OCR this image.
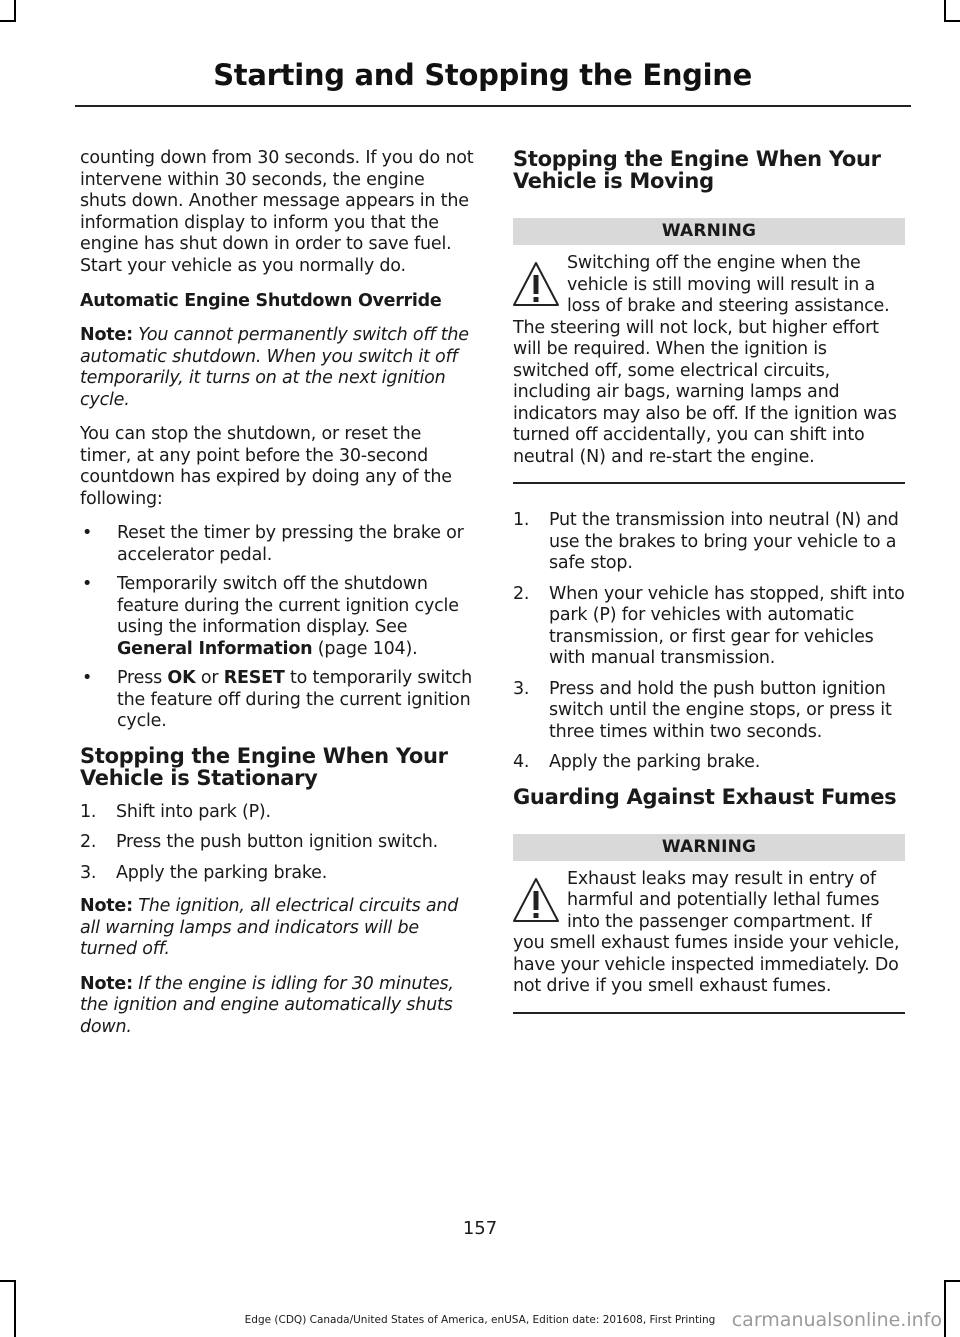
Starting and Stopping the Engine

counting down from 30 seconds. If you do not intervene within 30 seconds, the engine shuts down. Another message appears in the information display to inform you that the engine has shut down in order to save fuel. Start your vehicle as you normally do.

Automatic Engine Shutdown Override

Note: You cannot permanently switch off the automatic shutdown. When you switch it off temporarily, it turns on at the next ignition cycle.

You can stop the shutdown, or reset the timer, at any point before the 30-second countdown has expired by doing any of the following:

• Reset the timer by pressing the brake or accelerator pedal.
• Temporarily switch off the shutdown feature during the current ignition cycle using the information display. See General Information (page 104).
• Press OK or RESET to temporarily switch the feature off during the current ignition cycle.
Stopping the Engine When Your Vehicle is Stationary
1. Shift into park (P).
2. Press the push button ignition switch.
3. Apply the parking brake.

Note: The ignition, all electrical circuits and all warning lamps and indicators will be turned off.

Note: If the engine is idling for 30 minutes, the ignition and engine automatically shuts down.

Stopping the Engine When Your Vehicle is Moving
WARNING
Switching off the engine when the vehicle is still moving will result in a loss of brake and steering assistance. The steering will not lock, but higher effort will be required. When the ignition is switched off, some electrical circuits, including air bags, warning lamps and indicators may also be off. If the ignition was turned off accidentally, you can shift into neutral (N) and re-start the engine.
1. Put the transmission into neutral (N) and use the brakes to bring your vehicle to a safe stop.
2. When your vehicle has stopped, shift into park (P) for vehicles with automatic transmission, or first gear for vehicles with manual transmission.
3. Press and hold the push button ignition switch until the engine stops, or press it three times within two seconds.
4. Apply the parking brake.
Guarding Against Exhaust Fumes
WARNING
Exhaust leaks may result in entry of harmful and potentially lethal fumes into the passenger compartment. If you smell exhaust fumes inside your vehicle, have your vehicle inspected immediately. Do not drive if you smell exhaust fumes.
157
Edge (CDQ) Canada/United States of America, enUSA, Edition date: 201608, First Printing carmanualsonline.info
